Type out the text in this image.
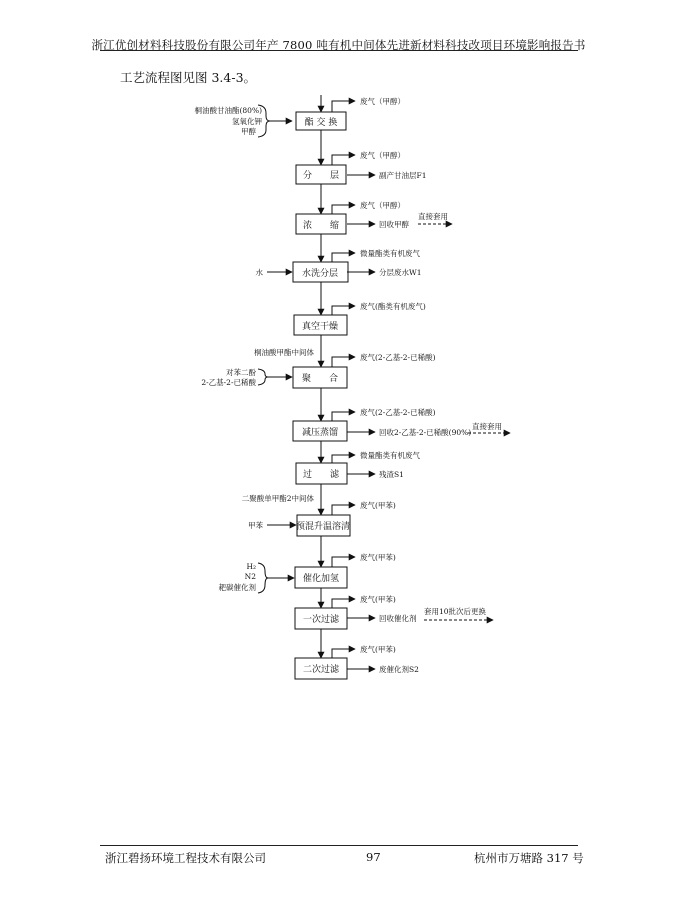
浙江优创材料科技股份有限公司年产 7800 吨有机中间体先进新材料科技改项目环境影响报告书
工艺流程图见图 3.4-3。
酯 交 换
分　　层
浓　　缩
水洗分层
真空干燥
聚　　合
减压蒸馏
过　　滤
预混升温溶清
催化加氢
一次过滤
二次过滤
废气（甲醇）
废气（甲醇）
废气（甲醇）
微量酯类有机废气
废气(酯类有机废气)
废气(2-乙基-2-已稀酸)
废气(2-乙基-2-已稀酸)
微量酯类有机废气
废气(甲苯)
废气(甲苯)
废气(甲苯)
废气(甲苯)
副产甘油层F1
回收甲醇
直接套用
分层废水W1
回收2-乙基-2-已稀酸(90%)
直接套用
残渣S1
回收催化剂
套用10批次后更换
废催化剂S2
桐油酸甘油酯(80%)
氢氧化钾
甲醇
水
桐油酸甲酯中间体
对苯二酚
2-乙基-2-已稀酸
二聚酸单甲酯2中间体
甲苯
H₂
N2
耙碳催化剂
浙江碧扬环境工程技术有限公司	97	杭州市万塘路 317 号
